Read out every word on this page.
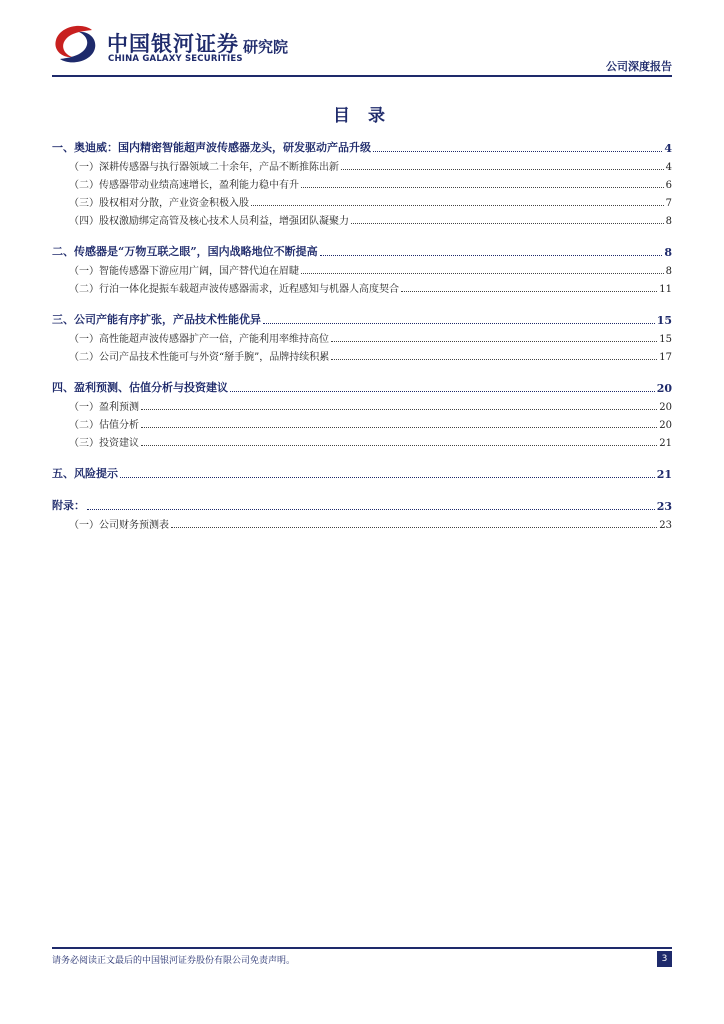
中国银河证券
CHINA GALAXY SECURITIES
研究院
公司深度报告
目 录
一、奥迪威：国内精密智能超声波传感器龙头，研发驱动产品升级	4
（一）深耕传感器与执行器领域二十余年，产品不断推陈出新	4
（二）传感器带动业绩高速增长，盈利能力稳中有升	6
（三）股权相对分散，产业资金积极入股	7
（四）股权激励绑定高管及核心技术人员利益，增强团队凝聚力	8
二、传感器是“万物互联之眼”，国内战略地位不断提高	8
（一）智能传感器下游应用广阔，国产替代迫在眉睫	8
（二）行泊一体化提振车载超声波传感器需求，近程感知与机器人高度契合	11
三、公司产能有序扩张，产品技术性能优异	15
（一）高性能超声波传感器扩产一倍，产能利用率维持高位	15
（二）公司产品技术性能可与外资“掰手腕”，品牌持续积累	17
四、盈利预测、估值分析与投资建议	20
（一）盈利预测	20
（二）估值分析	20
（三）投资建议	21
五、风险提示	21
附录：	23
（一）公司财务预测表	23
请务必阅读正文最后的中国银河证券股份有限公司免责声明。	3
